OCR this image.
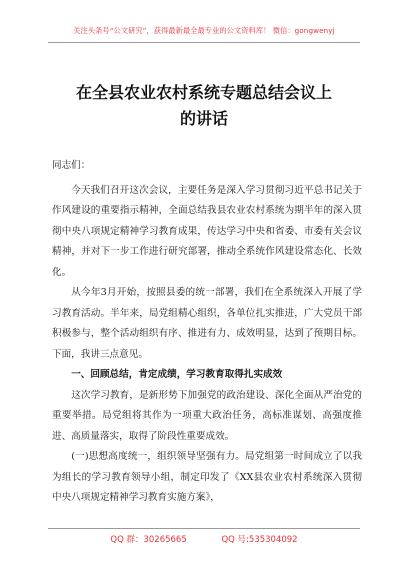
关注头条号“公文研究”，获得最新最全最专业的公文资料库！ 微信：gongwenyj
在全县农业农村系统专题总结会议上
的讲话

同志们：

今天我们召开这次会议，主要任务是深入学习贯彻习近平总书记关于作风建设的重要指示精神，全面总结我县农业农村系统为期半年的深入贯彻中央八项规定精神学习教育成果，传达学习中央和省委、市委有关会议精神，并对下一步工作进行研究部署，推动全系统作风建设常态化、长效化。

从今年3月开始，按照县委的统一部署，我们在全系统深入开展了学习教育活动。半年来，局党组精心组织，各单位扎实推进，广大党员干部积极参与，整个活动组织有序、推进有力、成效明显，达到了预期目标。下面，我讲三点意见。

一、回顾总结，肯定成绩，学习教育取得扎实成效

这次学习教育，是新形势下加强党的政治建设、深化全面从严治党的重要举措。局党组将其作为一项重大政治任务，高标准谋划、高强度推进、高质量落实，取得了阶段性重要成效。

(一)思想高度统一，组织领导坚强有力。局党组第一时间成立了以我为组长的学习教育领导小组，制定印发了《XX县农业农村系统深入贯彻中央八项规定精神学习教育实施方案》，

QQ 群：30265665	QQ 号:535304092
